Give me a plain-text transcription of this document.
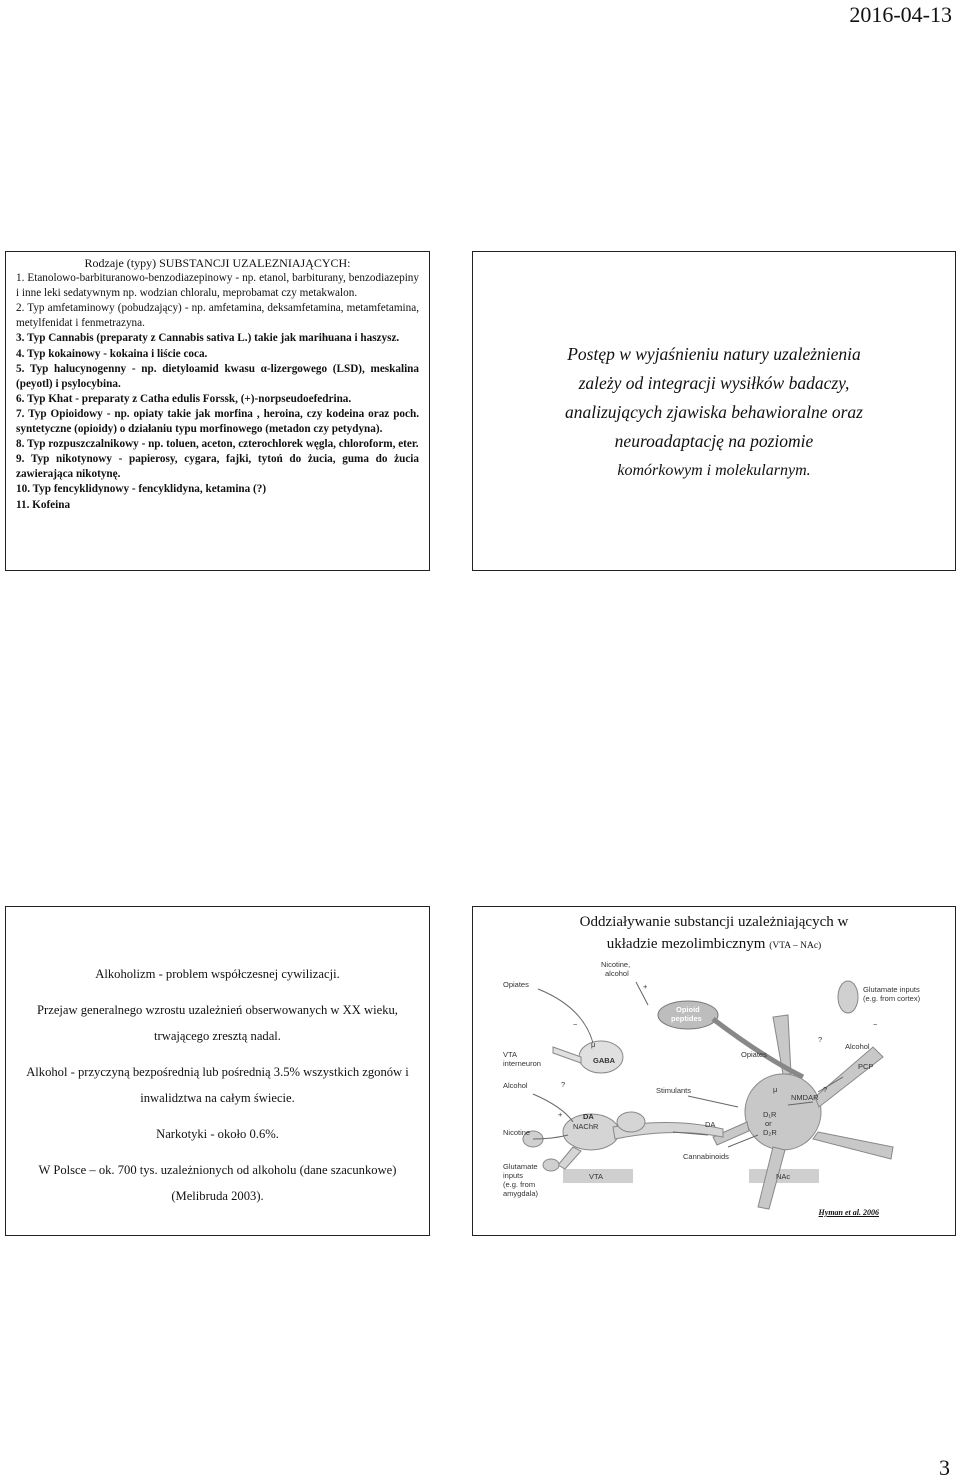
2016-04-13
Rodzaje (typy) SUBSTANCJI UZALEZNIAJĄCYCH:

1. Etanolowo-barbituranowo-benzodiazepinowy - np. etanol, barbiturany, benzodiazepiny i inne leki sedatywnym np. wodzian chloralu, meprobamat czy metakwalon.

2. Typ amfetaminowy (pobudzający) - np. amfetamina, deksamfetamina, metamfetamina, metylfenidat i fenmetrazyna.

3. Typ Cannabis (preparaty z Cannabis sativa L.) takie jak marihuana i haszysz.

4. Typ kokainowy - kokaina i liście coca.

5. Typ halucynogenny - np. dietyloamid kwasu α-lizergowego (LSD), meskalina (peyotl) i psylocybina.

6. Typ Khat - preparaty z Catha edulis Forssk, (+)-norpseudoefedrina.

7. Typ Opioidowy - np. opiaty takie jak morfina , heroina, czy kodeina oraz poch. syntetyczne (opioidy) o działaniu typu morfinowego (metadon czy petydyna).

8. Typ rozpuszczalnikowy - np. toluen, aceton, czterochlorek węgla, chloroform, eter.

9. Typ nikotynowy - papierosy, cygara, fajki, tytoń do żucia, guma do żucia zawierająca nikotynę.

10. Typ fencyklidynowy - fencyklidyna, ketamina (?)

11. Kofeina

Postęp w wyjaśnieniu natury uzależnienia
zależy od integracji wysiłków badaczy,
analizujących zjawiska behawioralne oraz
neuroadaptację na poziomie
komórkowym i molekularnym.

Alkoholizm - problem współczesnej cywilizacji.

Przejaw generalnego wzrostu uzależnień obserwowanych w XX wieku, trwającego zresztą nadal.

Alkohol - przyczyną bezpośrednią lub pośrednią 3.5% wszystkich zgonów i inwalidztwa na całym świecie.

Narkotyki - około 0.6%.

W Polsce – ok. 700 tys. uzależnionych od alkoholu (dane szacunkowe) (Melibruda 2003).

Oddziaływanie substancji uzależniających w
układzie mezolimbicznym (VTA – NAc)
Opiates
Nicotine,
alcohol
Opioid
peptides
Glutamate inputs
(e.g. from cortex)
VTA
interneuron	GABA
μ	Alcohol
Opiates
PCP
Alcohol
Stimulants
NMDAR
μ
D₁R
or
D₂R
DA
NAChR	DA
Nicotine
Cannabinoids
Glutamate
inputs
(e.g. from
amygdala)
VTA	NAc
?
?
?
+
+
−	−
Hyman et al. 2006
3
